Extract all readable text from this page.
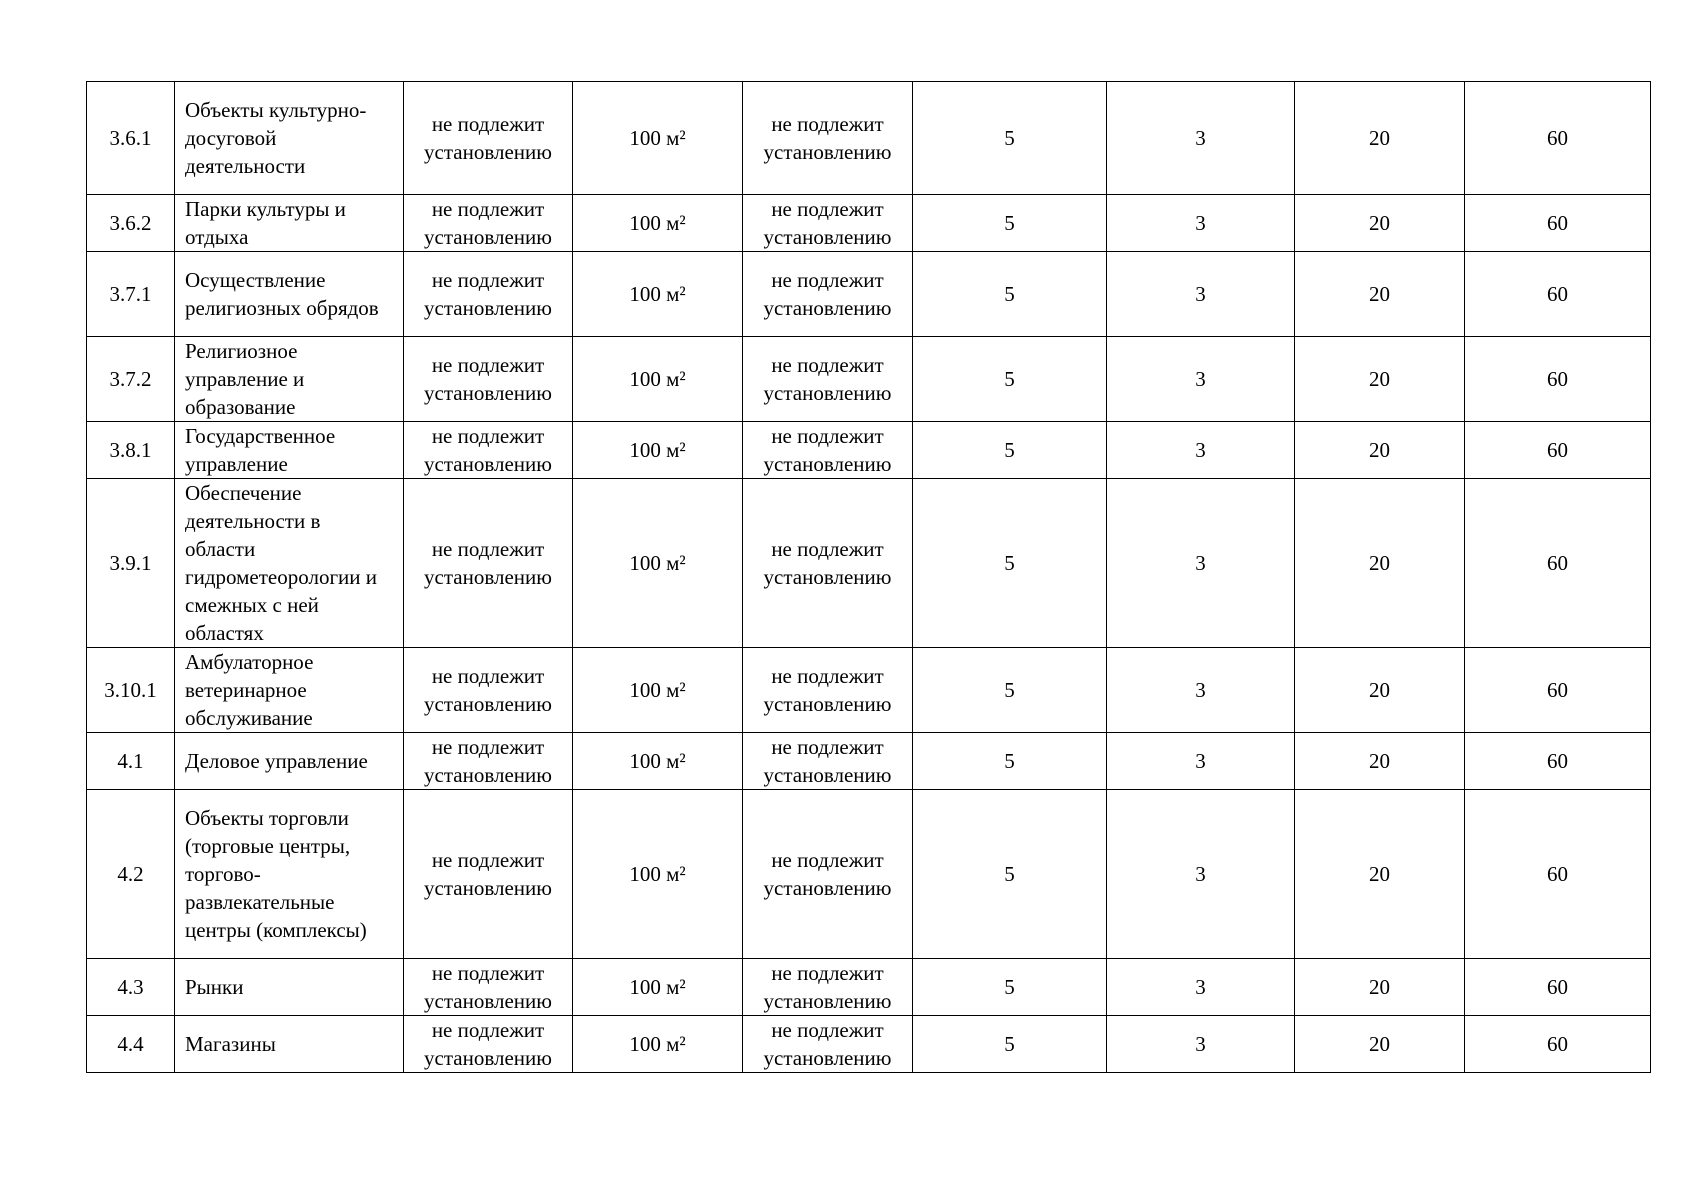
3.6.1	Объекты культурно-досуговой деятельности	не подлежит установлению	100 м²	не подлежит установлению	5	3	20	60
3.6.2	Парки культуры и отдыха	не подлежит установлению	100 м²	не подлежит установлению	5	3	20	60
3.7.1	Осуществление религиозных обрядов	не подлежит установлению	100 м²	не подлежит установлению	5	3	20	60
3.7.2	Религиозное управление и образование	не подлежит установлению	100 м²	не подлежит установлению	5	3	20	60
3.8.1	Государственное управление	не подлежит установлению	100 м²	не подлежит установлению	5	3	20	60
3.9.1	Обеспечение деятельности в области гидрометеорологии и смежных с ней областях	не подлежит установлению	100 м²	не подлежит установлению	5	3	20	60
3.10.1	Амбулаторное ветеринарное обслуживание	не подлежит установлению	100 м²	не подлежит установлению	5	3	20	60
4.1	Деловое управление	не подлежит установлению	100 м²	не подлежит установлению	5	3	20	60
4.2	Объекты торговли (торговые центры, торгово-развлекательные центры (комплексы)	не подлежит установлению	100 м²	не подлежит установлению	5	3	20	60
4.3	Рынки	не подлежит установлению	100 м²	не подлежит установлению	5	3	20	60
4.4	Магазины	не подлежит установлению	100 м²	не подлежит установлению	5	3	20	60
